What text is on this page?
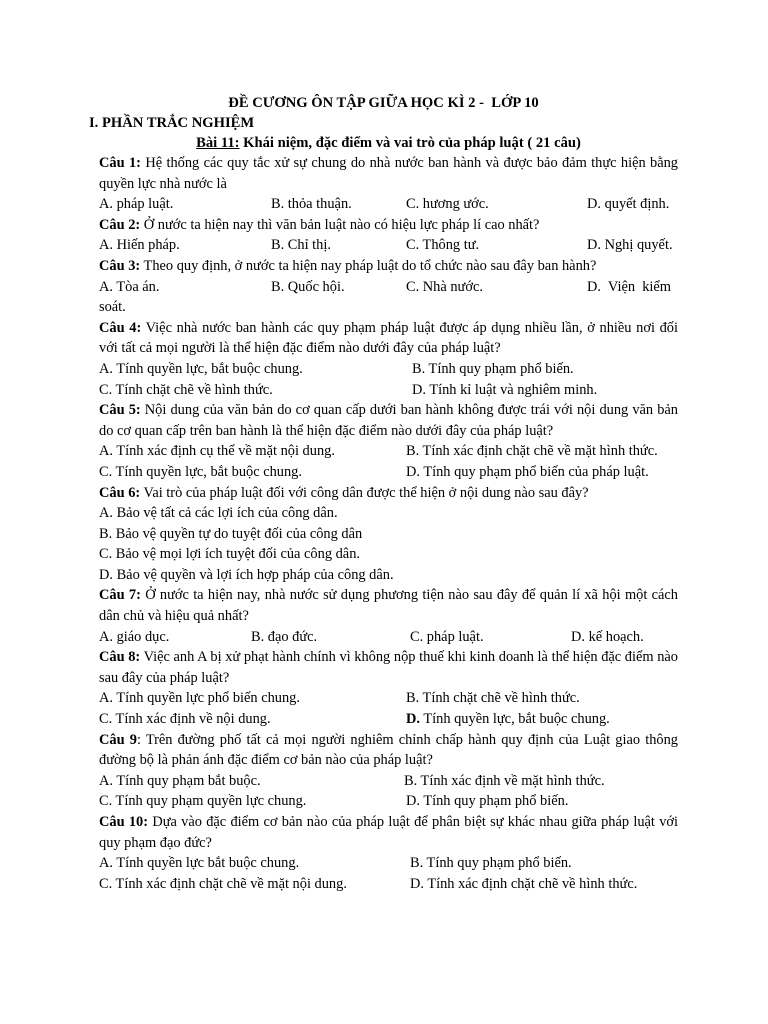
ĐỀ CƯƠNG ÔN TẬP GIỮA HỌC KÌ 2 -  LỚP 10
I. PHẦN TRẮC NGHIỆM
Bài 11: Khái niệm, đặc điểm và vai trò của pháp luật ( 21 câu)
Câu 1: Hệ thống các quy tắc xử sự chung do nhà nước ban hành và được bảo đảm thực hiện bằng quyền lực nhà nước là
A. pháp luật.	B. thỏa thuận.	C. hương ước.	D. quyết định.
Câu 2: Ở nước ta hiện nay thì văn bản luật nào có hiệu lực pháp lí cao nhất?
A. Hiến pháp.	B. Chỉ thị.	C. Thông tư.	D. Nghị quyết.
Câu 3: Theo quy định, ở nước ta hiện nay pháp luật do tổ chức nào sau đây ban hành?
A. Tòa án.	B. Quốc hội.	C. Nhà nước.	D.  Viện  kiểm
soát.
Câu 4: Việc nhà nước ban hành các quy phạm pháp luật được áp dụng nhiều lần, ở nhiều nơi đối với tất cả mọi người là thể hiện đặc điểm nào dưới đây của pháp luật?
A. Tính quyền lực, bắt buộc chung.	B. Tính quy phạm phổ biến.
C. Tính chặt chẽ về hình thức.	D. Tính kỉ luật và nghiêm minh.
Câu 5: Nội dung của văn bản do cơ quan cấp dưới ban hành không được trái với nội dung văn bản do cơ quan cấp trên ban hành là thể hiện đặc điểm nào dưới đây của pháp luật?
A. Tính xác định cụ thể về mặt nội dung.	B. Tính xác định chặt chẽ về mặt hình thức.
C. Tính quyền lực, bắt buộc chung.	D. Tính quy phạm phổ biến của pháp luật.
Câu 6: Vai trò của pháp luật đối với công dân được thể hiện ở nội dung nào sau đây?
A. Bảo vệ tất cả các lợi ích của công dân.
B. Bảo vệ quyền tự do tuyệt đối của công dân
C. Bảo vệ mọi lợi ích tuyệt đối của công dân.
D. Bảo vệ quyền và lợi ích hợp pháp của công dân.
Câu 7: Ở nước ta hiện nay, nhà nước sử dụng phương tiện nào sau đây để quản lí xã hội một cách dân chủ và hiệu quả nhất?
A. giáo dục.	B. đạo đức.	C. pháp luật.	D. kế hoạch.
Câu 8: Việc anh A bị xử phạt hành chính vì không nộp thuế khi kinh doanh là thể hiện đặc điểm nào sau đây của pháp luật?
A. Tính quyền lực phổ biến chung.	B. Tính chặt chẽ về hình thức.
C. Tính xác định về nội dung.	D. Tính quyền lực, bắt buộc chung.
Câu 9: Trên đường phố tất cả mọi người nghiêm chỉnh chấp hành quy định của Luật giao thông đường bộ là phản ánh đặc điểm cơ bản nào của pháp luật?
A. Tính quy phạm bắt buộc.	B. Tính xác định về mặt hình thức.
C. Tính quy phạm quyền lực chung.	D. Tính quy phạm phổ biến.
Câu 10: Dựa vào đặc điểm cơ bản nào của pháp luật để phân biệt sự khác nhau giữa pháp luật với quy phạm đạo đức?
A. Tính quyền lực bắt buộc chung.	B. Tính quy phạm phổ biến.
C. Tính xác định chặt chẽ về mặt nội dung.	D. Tính xác định chặt chẽ về hình thức.
